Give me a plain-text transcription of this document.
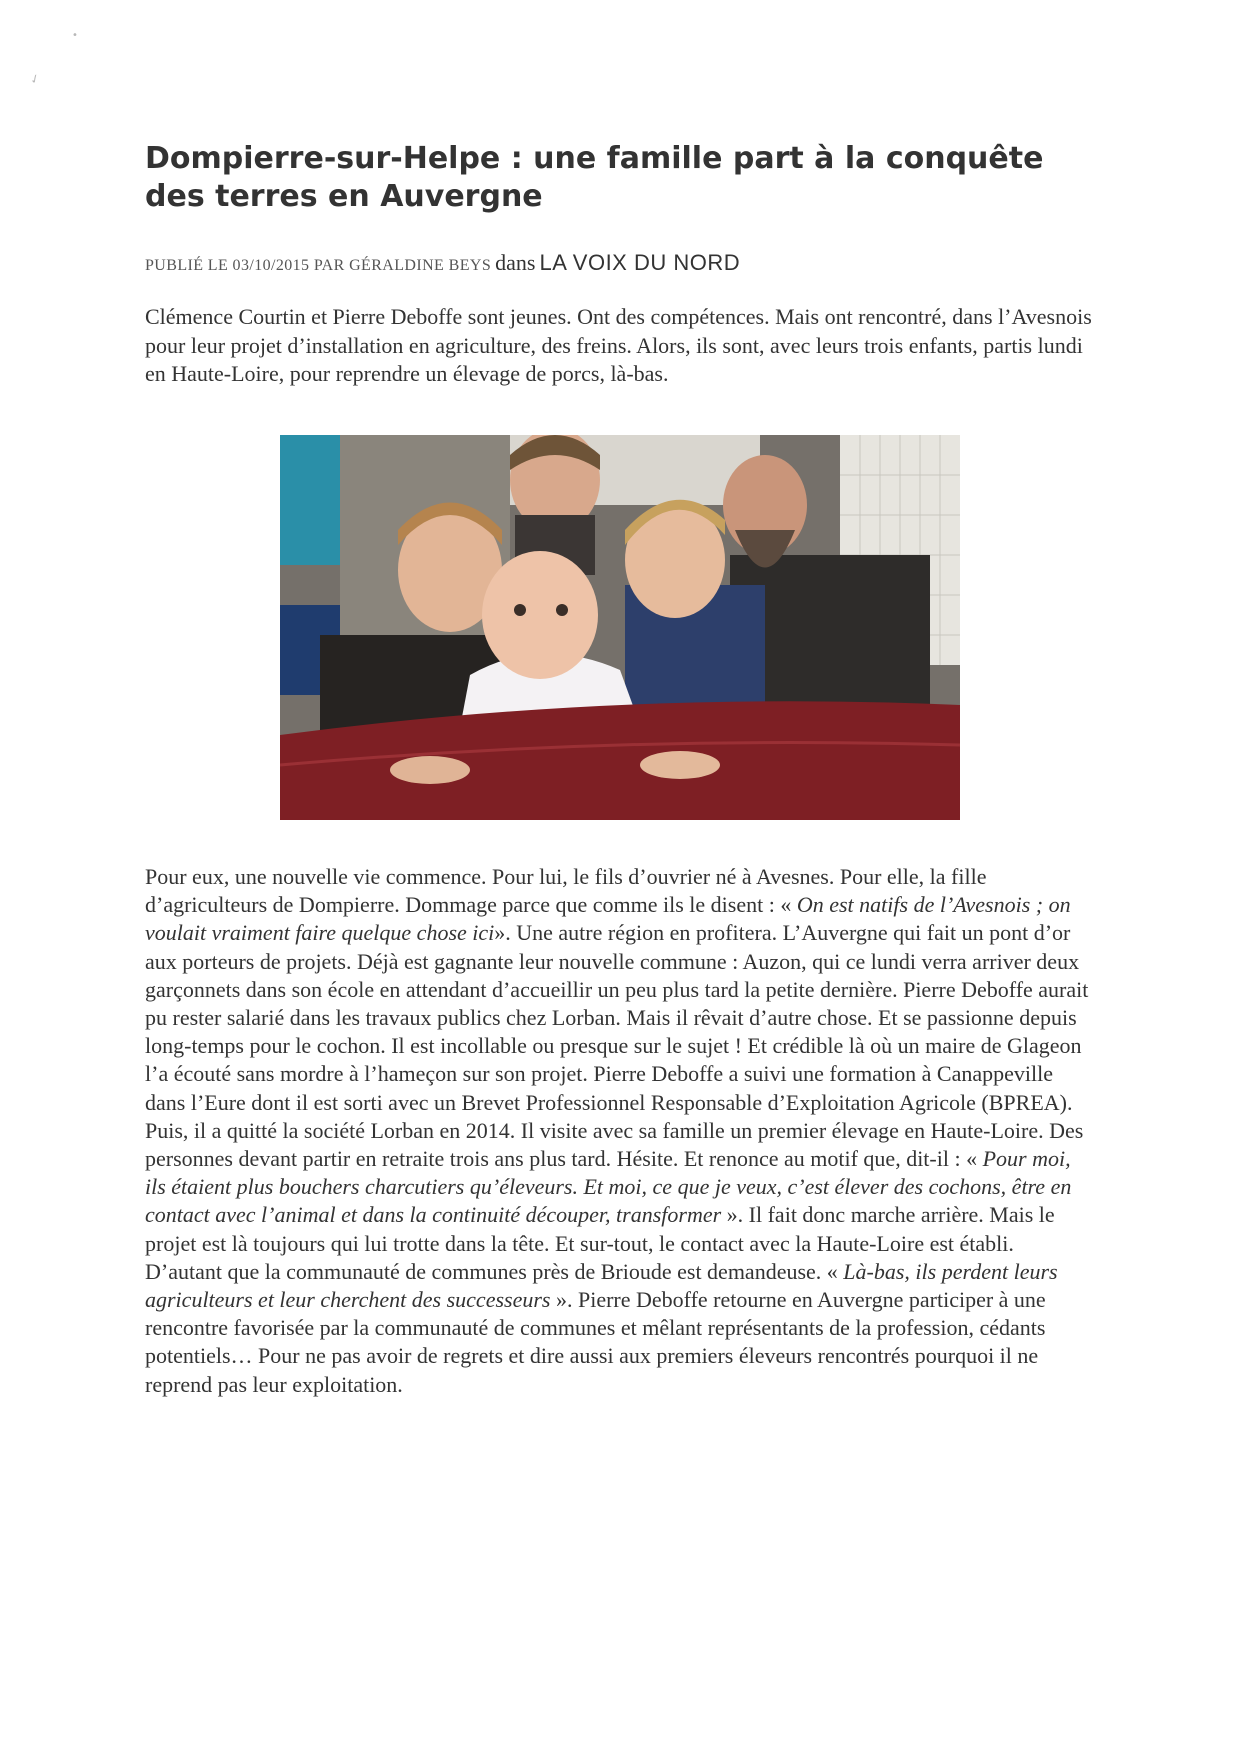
•
✓
Dompierre-sur-Helpe : une famille part à la conquête des terres en Auvergne
PUBLIÉ LE 03/10/2015 PAR GÉRALDINE BEYS dans LA VOIX DU NORD

Clémence Courtin et Pierre Deboffe sont jeunes. Ont des compétences. Mais ont rencontré, dans l’Avesnois pour leur projet d’installation en agriculture, des freins. Alors, ils sont, avec leurs trois enfants, partis lundi en Haute-Loire, pour reprendre un élevage de porcs, là-bas.

Pour eux, une nouvelle vie commence. Pour lui, le fils d’ouvrier né à Avesnes. Pour elle, la fille d’agriculteurs de Dompierre. Dommage parce que comme ils le disent : « On est natifs de l’Avesnois ; on voulait vraiment faire quelque chose ici». Une autre région en profitera. L’Auvergne qui fait un pont d’or aux porteurs de projets. Déjà est gagnante leur nouvelle commune : Auzon, qui ce lundi verra arriver deux garçonnets dans son école en attendant d’accueillir un peu plus tard la petite dernière. Pierre Deboffe aurait pu rester salarié dans les travaux publics chez Lorban. Mais il rêvait d’autre chose. Et se passionne depuis long-temps pour le cochon. Il est incollable ou presque sur le sujet ! Et crédible là où un maire de Glageon l’a écouté sans mordre à l’hameçon sur son projet. Pierre Deboffe a suivi une formation à Canappeville dans l’Eure dont il est sorti avec un Brevet Professionnel Responsable d’Exploitation Agricole (BPREA). Puis, il a quitté la société Lorban en 2014. Il visite avec sa famille un premier élevage en Haute-Loire. Des personnes devant partir en retraite trois ans plus tard. Hésite. Et renonce au motif que, dit-il : « Pour moi, ils étaient plus bouchers charcutiers qu’éleveurs. Et moi, ce que je veux, c’est élever des cochons, être en contact avec l’animal et dans la continuité découper, transformer ». Il fait donc marche arrière. Mais le projet est là toujours qui lui trotte dans la tête. Et sur-tout, le contact avec la Haute-Loire est établi. D’autant que la communauté de communes près de Brioude est demandeuse. « Là-bas, ils perdent leurs agriculteurs et leur cherchent des successeurs ». Pierre Deboffe retourne en Auvergne participer à une rencontre favorisée par la communauté de communes et mêlant représentants de la profession, cédants potentiels… Pour ne pas avoir de regrets et dire aussi aux premiers éleveurs rencontrés pourquoi il ne reprend pas leur exploitation.
